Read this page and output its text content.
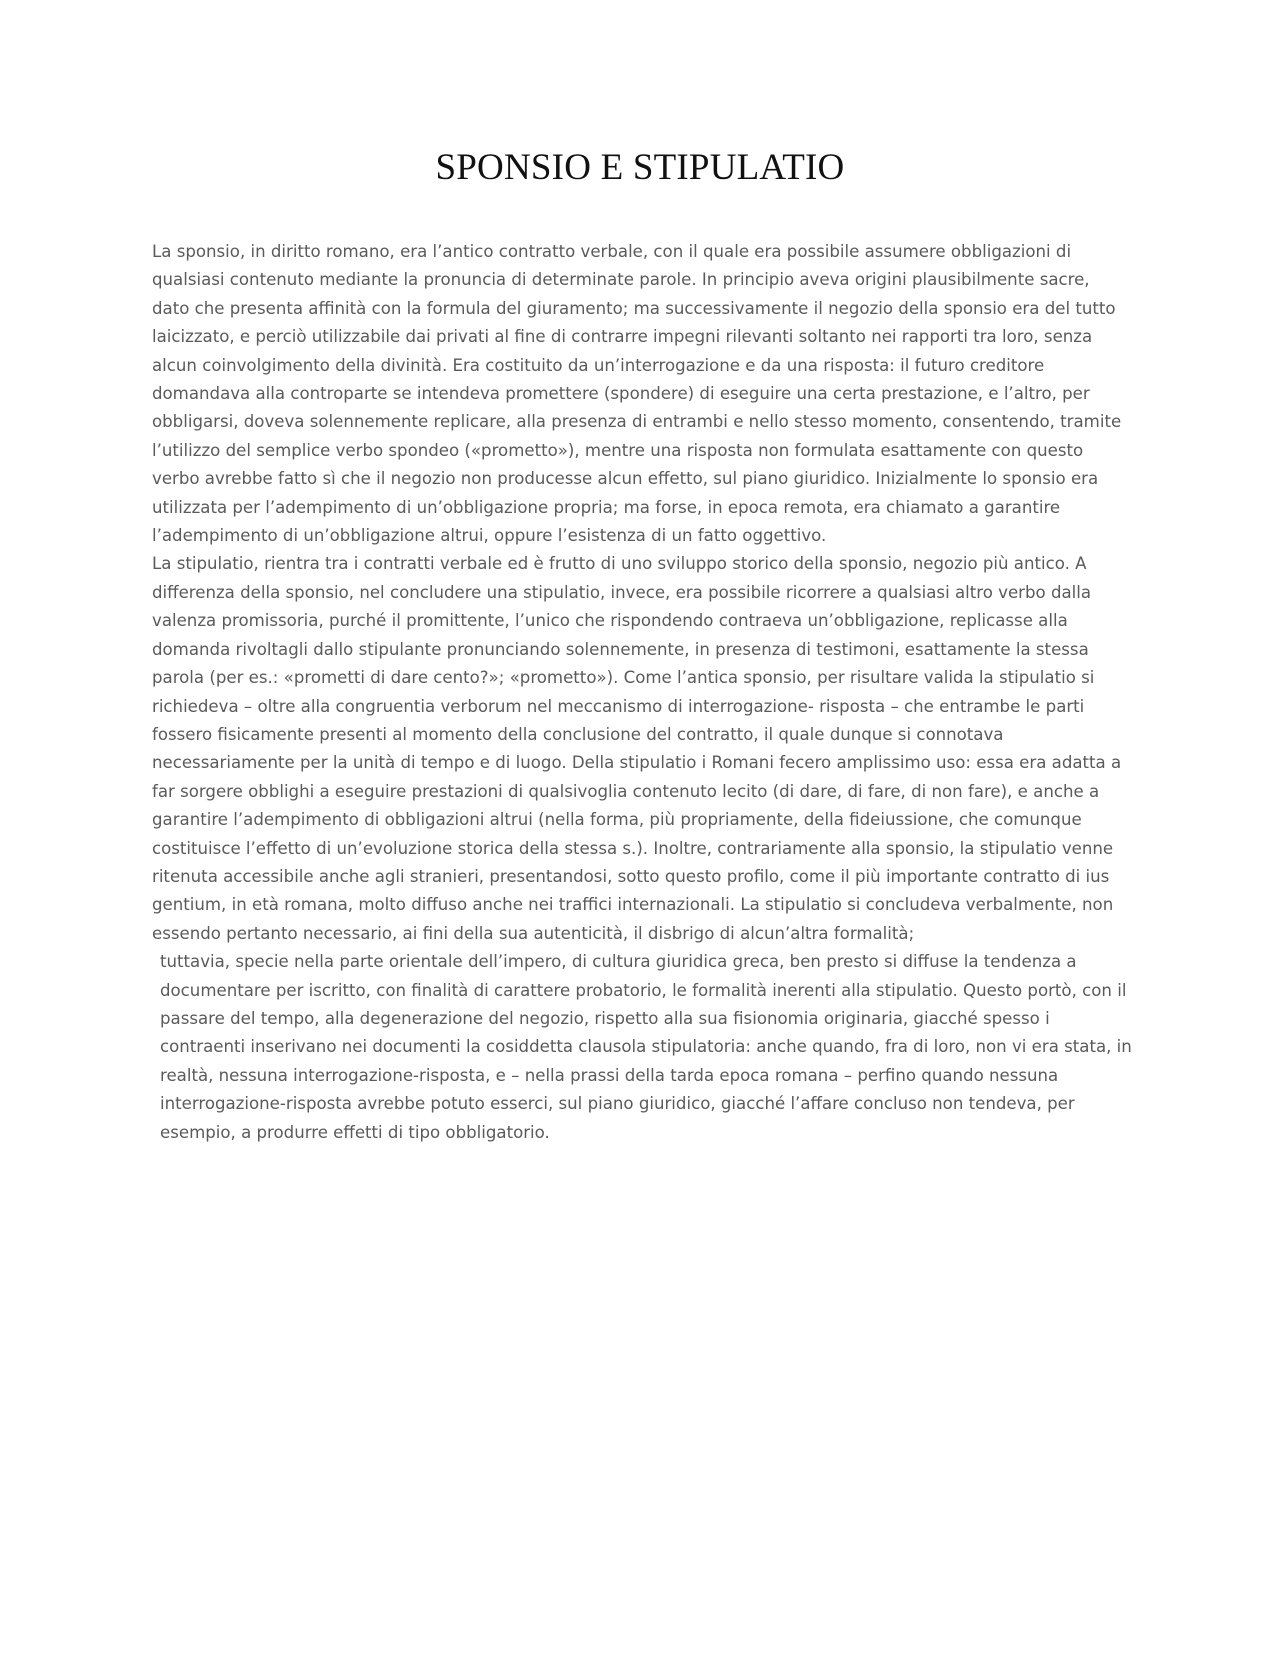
SPONSIO E STIPULATIO

La sponsio, in diritto romano, era l’antico contratto verbale, con il quale era possibile assumere obbligazioni di qualsiasi contenuto mediante la pronuncia di determinate parole. In principio aveva origini plausibilmente sacre, dato che presenta affinità con la formula del giuramento; ma successivamente il negozio della sponsio era del tutto laicizzato, e perciò utilizzabile dai privati al fine di contrarre impegni rilevanti soltanto nei rapporti tra loro, senza alcun coinvolgimento della divinità. Era costituito da un’interrogazione e da una risposta: il futuro creditore domandava alla controparte se intendeva promettere (spondere) di eseguire una certa prestazione, e l’altro, per obbligarsi, doveva solennemente replicare, alla presenza di entrambi e nello stesso momento, consentendo, tramite l’utilizzo del semplice verbo spondeo («prometto»), mentre una risposta non formulata esattamente con questo verbo avrebbe fatto sì che il negozio non producesse alcun effetto, sul piano giuridico. Inizialmente lo sponsio era utilizzata per l’adempimento di un’obbligazione propria; ma forse, in epoca remota, era chiamato a garantire l’adempimento di un’obbligazione altrui, oppure l’esistenza di un fatto oggettivo.

La stipulatio, rientra tra i contratti verbale ed è frutto di uno sviluppo storico della sponsio, negozio più antico. A differenza della sponsio, nel concludere una stipulatio, invece, era possibile ricorrere a qualsiasi altro verbo dalla valenza promissoria, purché il promittente, l’unico che rispondendo contraeva un’obbligazione, replicasse alla domanda rivoltagli dallo stipulante pronunciando solennemente, in presenza di testimoni, esattamente la stessa parola (per es.: «prometti di dare cento?»; «prometto»). Come l’antica sponsio, per risultare valida la stipulatio si richiedeva – oltre alla congruentia verborum nel meccanismo di interrogazione- risposta – che entrambe le parti fossero fisicamente presenti al momento della conclusione del contratto, il quale dunque si connotava necessariamente per la unità di tempo e di luogo. Della stipulatio i Romani fecero amplissimo uso: essa era adatta a far sorgere obblighi a eseguire prestazioni di qualsivoglia contenuto lecito (di dare, di fare, di non fare), e anche a garantire l’adempimento di obbligazioni altrui (nella forma, più propriamente, della fideiussione, che comunque costituisce l’effetto di un’evoluzione storica della stessa s.). Inoltre, contrariamente alla sponsio, la stipulatio venne ritenuta accessibile anche agli stranieri, presentandosi, sotto questo profilo, come il più importante contratto di ius gentium, in età romana, molto diffuso anche nei traffici internazionali. La stipulatio si concludeva verbalmente, non essendo pertanto necessario, ai fini della sua autenticità, il disbrigo di alcun’altra formalità;

tuttavia, specie nella parte orientale dell’impero, di cultura giuridica greca, ben presto si diffuse la tendenza a documentare per iscritto, con finalità di carattere probatorio, le formalità inerenti alla stipulatio. Questo portò, con il passare del tempo, alla degenerazione del negozio, rispetto alla sua fisionomia originaria, giacché spesso i contraenti inserivano nei documenti la cosiddetta clausola stipulatoria: anche quando, fra di loro, non vi era stata, in realtà, nessuna interrogazione-risposta, e – nella prassi della tarda epoca romana – perfino quando nessuna interrogazione-risposta avrebbe potuto esserci, sul piano giuridico, giacché l’affare concluso non tendeva, per esempio, a produrre effetti di tipo obbligatorio.
